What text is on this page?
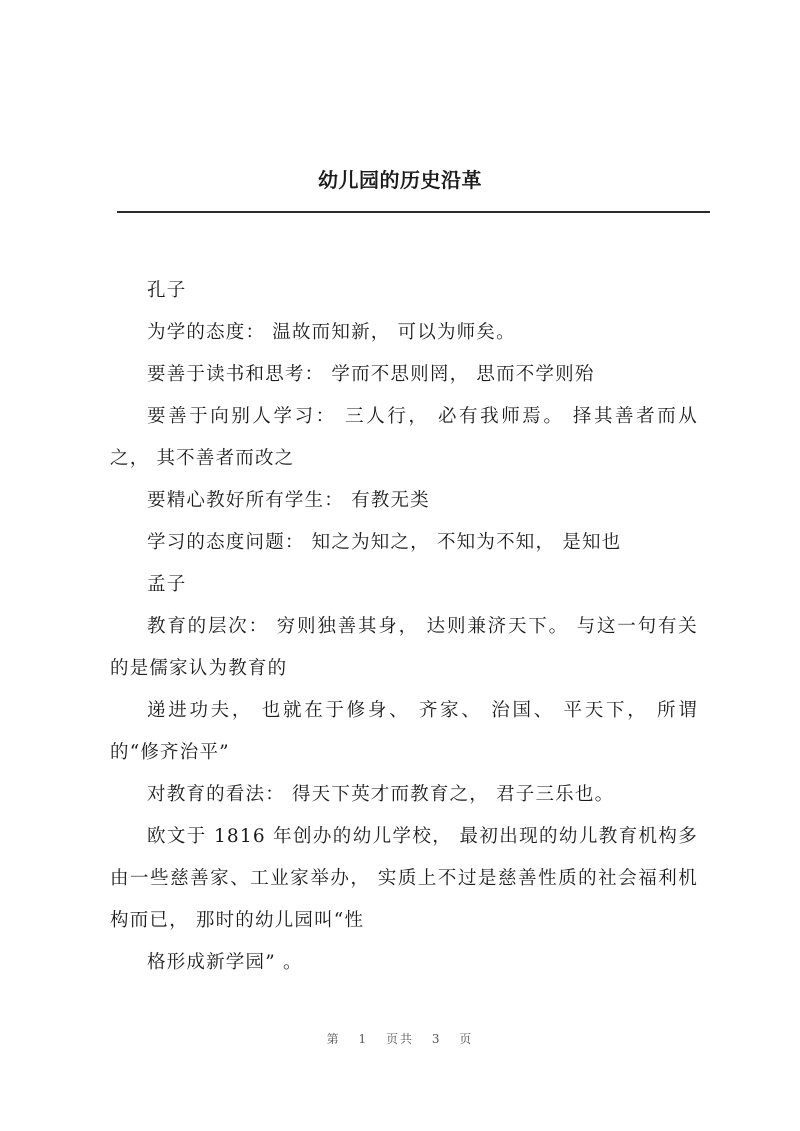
幼儿园的历史沿革

孔子

为学的态度： 温故而知新， 可以为师矣。

要善于读书和思考： 学而不思则罔， 思而不学则殆

要善于向别人学习： 三人行， 必有我师焉。 择其善者而从之， 其不善者而改之

要精心教好所有学生： 有教无类

学习的态度问题： 知之为知之， 不知为不知， 是知也

孟子

教育的层次： 穷则独善其身， 达则兼济天下。 与这一句有关的是儒家认为教育的

递进功夫， 也就在于修身、 齐家、 治国、 平天下， 所谓的“修齐治平”

对教育的看法： 得天下英才而教育之， 君子三乐也。

欧文于 1816 年创办的幼儿学校， 最初出现的幼儿教育机构多由一些慈善家、工业家举办， 实质上不过是慈善性质的社会福利机构而已， 那时的幼儿园叫“性

格形成新学园” 。

第 1 页共 3 页
